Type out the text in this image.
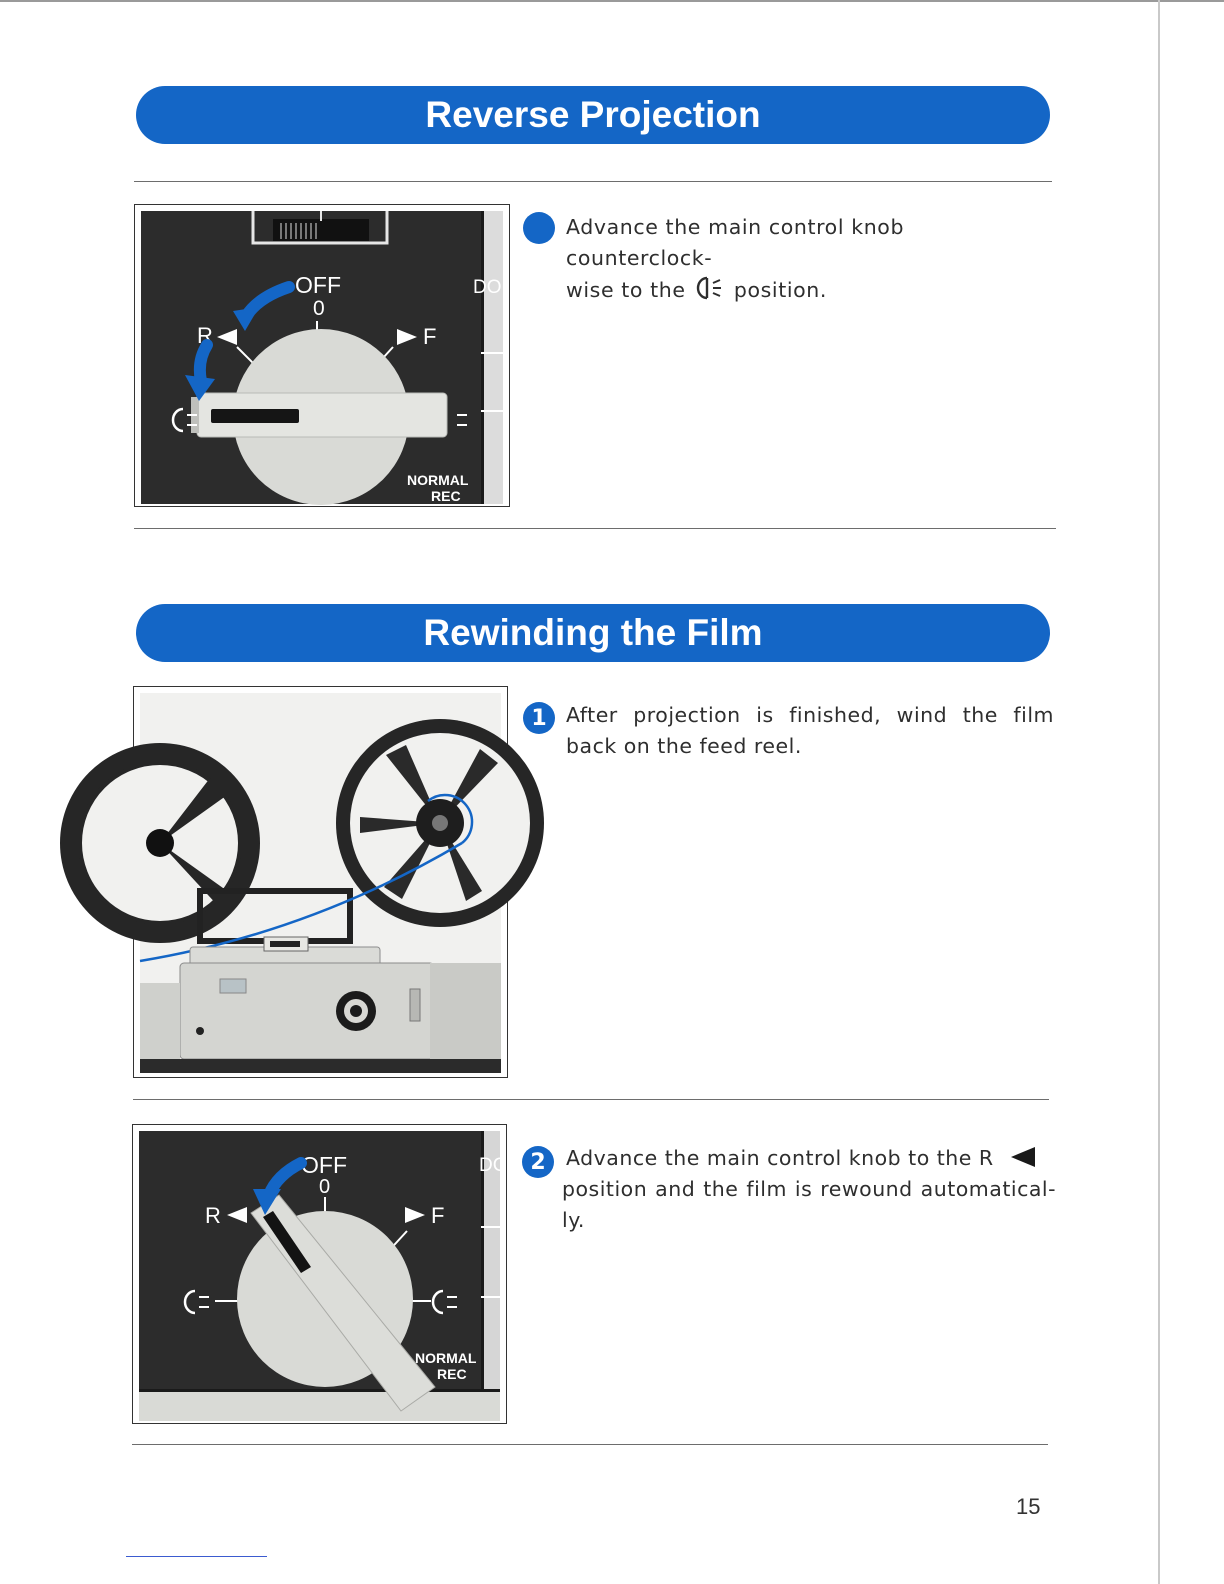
Reverse Projection
OFF
0
DO
R	F
NORMAL
REC
Advance the main control knob counterclock-
wise to the position.
Rewinding the Film
1 After projection is finished, wind the film back on the feed reel.
OFF
0
DC
R	F
NORMAL
REC
2 Advance the main control knob to the R
position and the film is rewound automatical-ly.
15
